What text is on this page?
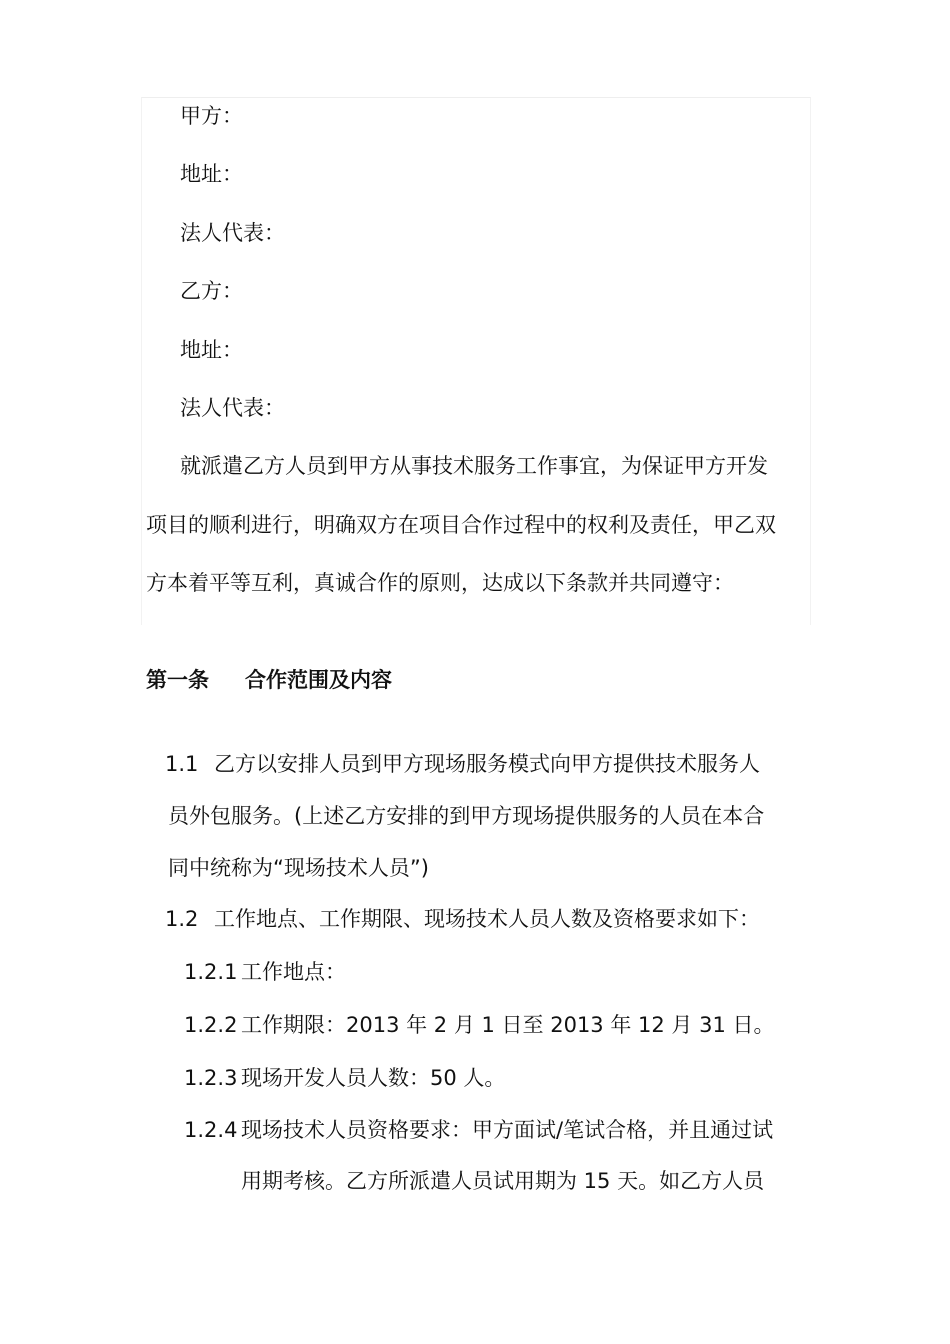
甲方：
地址：
法人代表：
乙方：
地址：
法人代表：
就派遣乙方人员到甲方从事技术服务工作事宜，为保证甲方开发
项目的顺利进行，明确双方在项目合作过程中的权利及责任，甲乙双
方本着平等互利，真诚合作的原则，达成以下条款并共同遵守：
第一条 合作范围及内容
1.1 乙方以安排人员到甲方现场服务模式向甲方提供技术服务人
员外包服务。(上述乙方安排的到甲方现场提供服务的人员在本合
同中统称为“现场技术人员”)
1.2 工作地点、工作期限、现场技术人员人数及资格要求如下：
1.2.1 工作地点：
1.2.2 工作期限：2013 年 2 月 1 日至 2013 年 12 月 31 日。
1.2.3 现场开发人员人数：50 人。
1.2.4 现场技术人员资格要求：甲方面试/笔试合格，并且通过试
用期考核。乙方所派遣人员试用期为 15 天。如乙方人员
